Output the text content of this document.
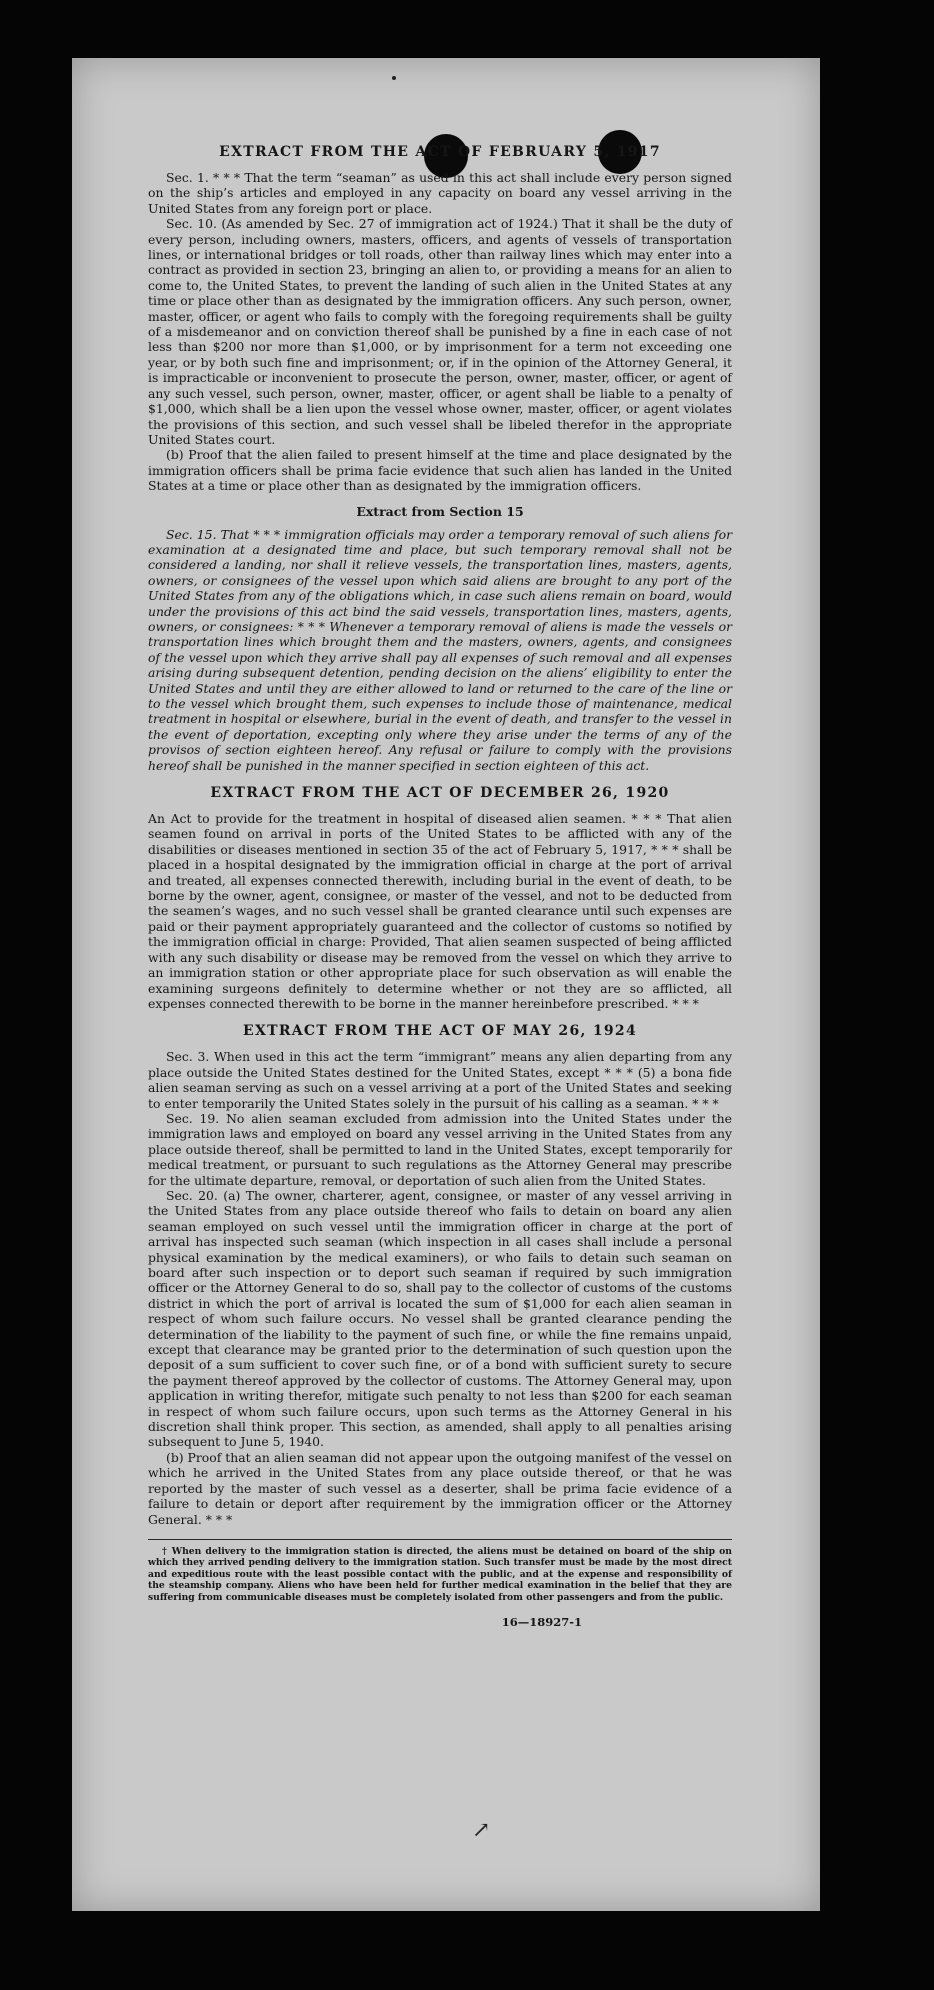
EXTRACT FROM THE ACT OF FEBRUARY 5, 1917

Sec. 1. * * * That the term “seaman” as used in this act shall include every person signed on the ship’s articles and employed in any capacity on board any vessel arriving in the United States from any foreign port or place.

Sec. 10. (As amended by Sec. 27 of immigration act of 1924.) That it shall be the duty of every person, including owners, masters, officers, and agents of vessels of transportation lines, or international bridges or toll roads, other than railway lines which may enter into a contract as provided in section 23, bringing an alien to, or providing a means for an alien to come to, the United States, to prevent the landing of such alien in the United States at any time or place other than as designated by the immigration officers. Any such person, owner, master, officer, or agent who fails to comply with the foregoing requirements shall be guilty of a misdemeanor and on conviction thereof shall be punished by a fine in each case of not less than $200 nor more than $1,000, or by imprisonment for a term not exceeding one year, or by both such fine and imprisonment; or, if in the opinion of the Attorney General, it is impracticable or inconvenient to prosecute the person, owner, master, officer, or agent of any such vessel, such person, owner, master, officer, or agent shall be liable to a penalty of $1,000, which shall be a lien upon the vessel whose owner, master, officer, or agent violates the provisions of this section, and such vessel shall be libeled therefor in the appropriate United States court.

(b) Proof that the alien failed to present himself at the time and place designated by the immigration officers shall be prima facie evidence that such alien has landed in the United States at a time or place other than as designated by the immigration officers.

Extract from Section 15

Sec. 15. That * * * immigration officials may order a temporary removal of such aliens for examination at a designated time and place, but such temporary removal shall not be considered a landing, nor shall it relieve vessels, the transportation lines, masters, agents, owners, or consignees of the vessel upon which said aliens are brought to any port of the United States from any of the obligations which, in case such aliens remain on board, would under the provisions of this act bind the said vessels, transportation lines, masters, agents, owners, or consignees: * * * Whenever a temporary removal of aliens is made the vessels or transportation lines which brought them and the masters, owners, agents, and consignees of the vessel upon which they arrive shall pay all expenses of such removal and all expenses arising during subsequent detention, pending decision on the aliens’ eligibility to enter the United States and until they are either allowed to land or returned to the care of the line or to the vessel which brought them, such expenses to include those of maintenance, medical treatment in hospital or elsewhere, burial in the event of death, and transfer to the vessel in the event of deportation, excepting only where they arise under the terms of any of the provisos of section eighteen hereof. Any refusal or failure to comply with the provisions hereof shall be punished in the manner specified in section eighteen of this act.

EXTRACT FROM THE ACT OF DECEMBER 26, 1920

An Act to provide for the treatment in hospital of diseased alien seamen. * * * That alien seamen found on arrival in ports of the United States to be afflicted with any of the disabilities or diseases mentioned in section 35 of the act of February 5, 1917, * * * shall be placed in a hospital designated by the immigration official in charge at the port of arrival and treated, all expenses connected therewith, including burial in the event of death, to be borne by the owner, agent, consignee, or master of the vessel, and not to be deducted from the seamen’s wages, and no such vessel shall be granted clearance until such expenses are paid or their payment appropriately guaranteed and the collector of customs so notified by the immigration official in charge: Provided, That alien seamen suspected of being afflicted with any such disability or disease may be removed from the vessel on which they arrive to an immigration station or other appropriate place for such observation as will enable the examining surgeons definitely to determine whether or not they are so afflicted, all expenses connected therewith to be borne in the manner hereinbefore prescribed. * * *

EXTRACT FROM THE ACT OF MAY 26, 1924

Sec. 3. When used in this act the term “immigrant” means any alien departing from any place outside the United States destined for the United States, except * * * (5) a bona fide alien seaman serving as such on a vessel arriving at a port of the United States and seeking to enter temporarily the United States solely in the pursuit of his calling as a seaman. * * *

Sec. 19. No alien seaman excluded from admission into the United States under the immigration laws and employed on board any vessel arriving in the United States from any place outside thereof, shall be permitted to land in the United States, except temporarily for medical treatment, or pursuant to such regulations as the Attorney General may prescribe for the ultimate departure, removal, or deportation of such alien from the United States.

Sec. 20. (a) The owner, charterer, agent, consignee, or master of any vessel arriving in the United States from any place outside thereof who fails to detain on board any alien seaman employed on such vessel until the immigration officer in charge at the port of arrival has inspected such seaman (which inspection in all cases shall include a personal physical examination by the medical examiners), or who fails to detain such seaman on board after such inspection or to deport such seaman if required by such immigration officer or the Attorney General to do so, shall pay to the collector of customs of the customs district in which the port of arrival is located the sum of $1,000 for each alien seaman in respect of whom such failure occurs. No vessel shall be granted clearance pending the determination of the liability to the payment of such fine, or while the fine remains unpaid, except that clearance may be granted prior to the determination of such question upon the deposit of a sum sufficient to cover such fine, or of a bond with sufficient surety to secure the payment thereof approved by the collector of customs. The Attorney General may, upon application in writing therefor, mitigate such penalty to not less than $200 for each seaman in respect of whom such failure occurs, upon such terms as the Attorney General in his discretion shall think proper. This section, as amended, shall apply to all penalties arising subsequent to June 5, 1940.

(b) Proof that an alien seaman did not appear upon the outgoing manifest of the vessel on which he arrived in the United States from any place outside thereof, or that he was reported by the master of such vessel as a deserter, shall be prima facie evidence of a failure to detain or deport after requirement by the immigration officer or the Attorney General. * * *

† When delivery to the immigration station is directed, the aliens must be detained on board of the ship on which they arrived pending delivery to the immigration station. Such transfer must be made by the most direct and expeditious route with the least possible contact with the public, and at the expense and responsibility of the steamship company. Aliens who have been held for further medical examination in the belief that they are suffering from communicable diseases must be completely isolated from other passengers and from the public.
16—18927-1
↗
